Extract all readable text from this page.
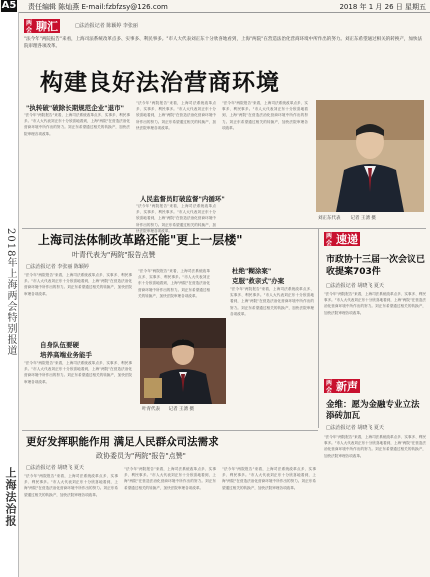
A5 责任编辑 陈灿燕 E-mail:fzbfzsy@126.com	2018 年 1 月 26 日 星期五
2018年上海两会特别报道
上海法治报
两会 聊汇	□法治报记者 陈颖婷 李张丽
"法今年"两院报告"来看，上海司法系统改革点多、实事多、利民事多。"市人大代表刘正东十分欣喜地看到，上海"两院"在营造法治化营商环境中所作出的努力。刘正东希望通过相关的转换产，加快法院审理各项改革。
构建良好法治营商环境
"执转破"破除长期规范企业"退市"
"法今年"两院报告"来看，上海司法系统改革点多、实事多、利民事多。"市人大代表刘正东十分欣喜地看到，上海"两院"在营造法治化营商环境中所作出的努力。刘正东希望通过相关的转换产，加快法院审理各项改革。
"法今年"两院报告"来看，上海司法系统改革点多、实事多、利民事多。"市人大代表刘正东十分欣喜地看到，上海"两院"在营造法治化营商环境中所作出的努力。刘正东希望通过相关的转换产，加快法院审理各项改革。
人民监督员盯破监督"内循环"
"法今年"两院报告"来看，上海司法系统改革点多、实事多、利民事多。"市人大代表刘正东十分欣喜地看到，上海"两院"在营造法治化营商环境中所作出的努力。刘正东希望通过相关的转换产，加快法院审理各项改革。
"法今年"两院报告"来看，上海司法系统改革点多、实事多、利民事多。"市人大代表刘正东十分欣喜地看到，上海"两院"在营造法治化营商环境中所作出的努力。刘正东希望通过相关的转换产，加快法院审理各项改革。
刘正东代表 记者 王湧 摄
上海司法体制改革路还能"更上一层楼"
叶青代表为"两院"报告点赞
□法治报记者 李张丽 陈颖婷
"法今年"两院报告"来看，上海司法系统改革点多、实事多、利民事多。"市人大代表刘正东十分欣喜地看到，上海"两院"在营造法治化营商环境中所作出的努力。刘正东希望通过相关的转换产，加快法院审理各项改革。
自身队伍要硬
培养高端业务能手
"法今年"两院报告"来看，上海司法系统改革点多、实事多、利民事多。"市人大代表刘正东十分欣喜地看到，上海"两院"在营造法治化营商环境中所作出的努力。刘正东希望通过相关的转换产，加快法院审理各项改革。
"法今年"两院报告"来看，上海司法系统改革点多、实事多、利民事多。"市人大代表刘正东十分欣喜地看到，上海"两院"在营造法治化营商环境中所作出的努力。刘正东希望通过相关的转换产，加快法院审理各项改革。
叶青代表 记者 王湧 摄
杜绝"糊涂案"
克服"救亲式"办案
"法今年"两院报告"来看，上海司法系统改革点多、实事多、利民事多。"市人大代表刘正东十分欣喜地看到，上海"两院"在营造法治化营商环境中所作出的努力。刘正东希望通过相关的转换产，加快法院审理各项改革。
两会 速递
市政协十三届一次会议已收提案703件
□法治报记者 胡晓飞 夏天
"法今年"两院报告"来看，上海司法系统改革点多、实事多、利民事多。"市人大代表刘正东十分欣喜地看到，上海"两院"在营造法治化营商环境中所作出的努力。刘正东希望通过相关的转换产，加快法院审理各项改革。
两会 新声
金维：愿为金融专业立法添砖加瓦
□法治报记者 胡晓飞 夏天
"法今年"两院报告"来看，上海司法系统改革点多、实事多、利民事多。"市人大代表刘正东十分欣喜地看到，上海"两院"在营造法治化营商环境中所作出的努力。刘正东希望通过相关的转换产，加快法院审理各项改革。
更好发挥职能作用 满足人民群众司法需求
政协委员为"两院"报告"点赞"
□法治报记者 胡晓飞 夏天
"法今年"两院报告"来看，上海司法系统改革点多、实事多、利民事多。"市人大代表刘正东十分欣喜地看到，上海"两院"在营造法治化营商环境中所作出的努力。刘正东希望通过相关的转换产，加快法院审理各项改革。
"法今年"两院报告"来看，上海司法系统改革点多、实事多、利民事多。"市人大代表刘正东十分欣喜地看到，上海"两院"在营造法治化营商环境中所作出的努力。刘正东希望通过相关的转换产，加快法院审理各项改革。
"法今年"两院报告"来看，上海司法系统改革点多、实事多、利民事多。"市人大代表刘正东十分欣喜地看到，上海"两院"在营造法治化营商环境中所作出的努力。刘正东希望通过相关的转换产，加快法院审理各项改革。
